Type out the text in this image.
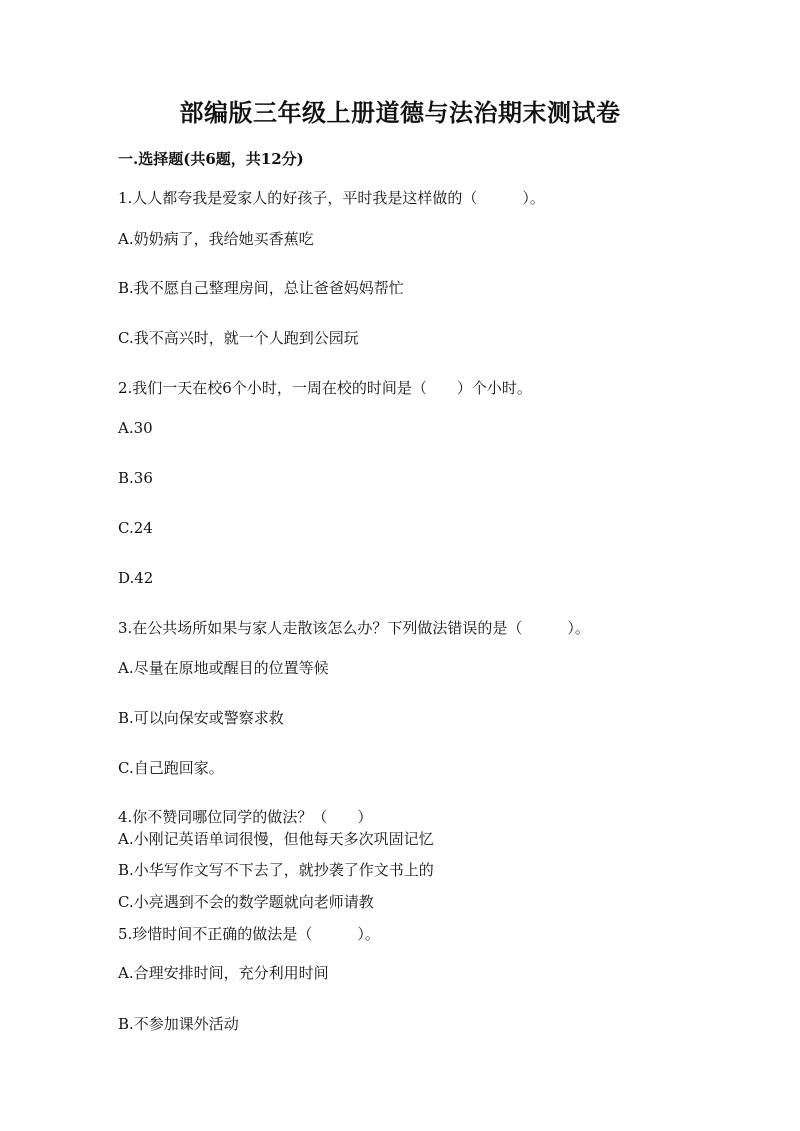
部编版三年级上册道德与法治期末测试卷
一.选择题(共6题，共12分)
1.人人都夸我是爱家人的好孩子，平时我是这样做的（　　　）。
A.奶奶病了，我给她买香蕉吃
B.我不愿自己整理房间，总让爸爸妈妈帮忙
C.我不高兴时，就一个人跑到公园玩
2.我们一天在校6个小时，一周在校的时间是（　　）个小时。
A.30
B.36
C.24
D.42
3.在公共场所如果与家人走散该怎么办？下列做法错误的是（　　　）。
A.尽量在原地或醒目的位置等候
B.可以向保安或警察求救
C.自己跑回家。
4.你不赞同哪位同学的做法？（　　）
A.小刚记英语单词很慢，但他每天多次巩固记忆
B.小华写作文写不下去了，就抄袭了作文书上的
C.小亮遇到不会的数学题就向老师请教
5.珍惜时间不正确的做法是（　　　）。
A.合理安排时间，充分利用时间
B.不参加课外活动
